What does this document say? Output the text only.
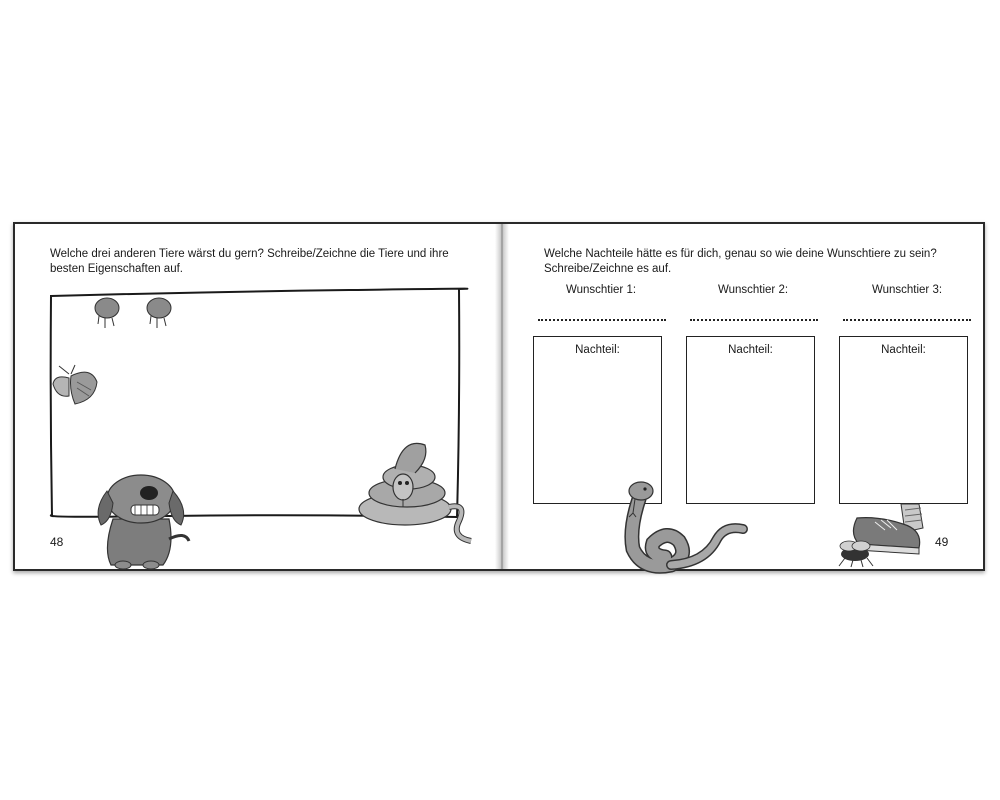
Welche drei anderen Tiere wärst du gern? Schreibe/Zeichne die Tiere und ihre besten Eigenschaften auf.

48

Welche Nachteile hätte es für dich, genau so wie deine Wunschtiere zu sein? Schreibe/Zeichne es auf.

Wunschtier 1:
Nachteil:
Wunschtier 2:
Nachteil:
Wunschtier 3:
Nachteil:
49
